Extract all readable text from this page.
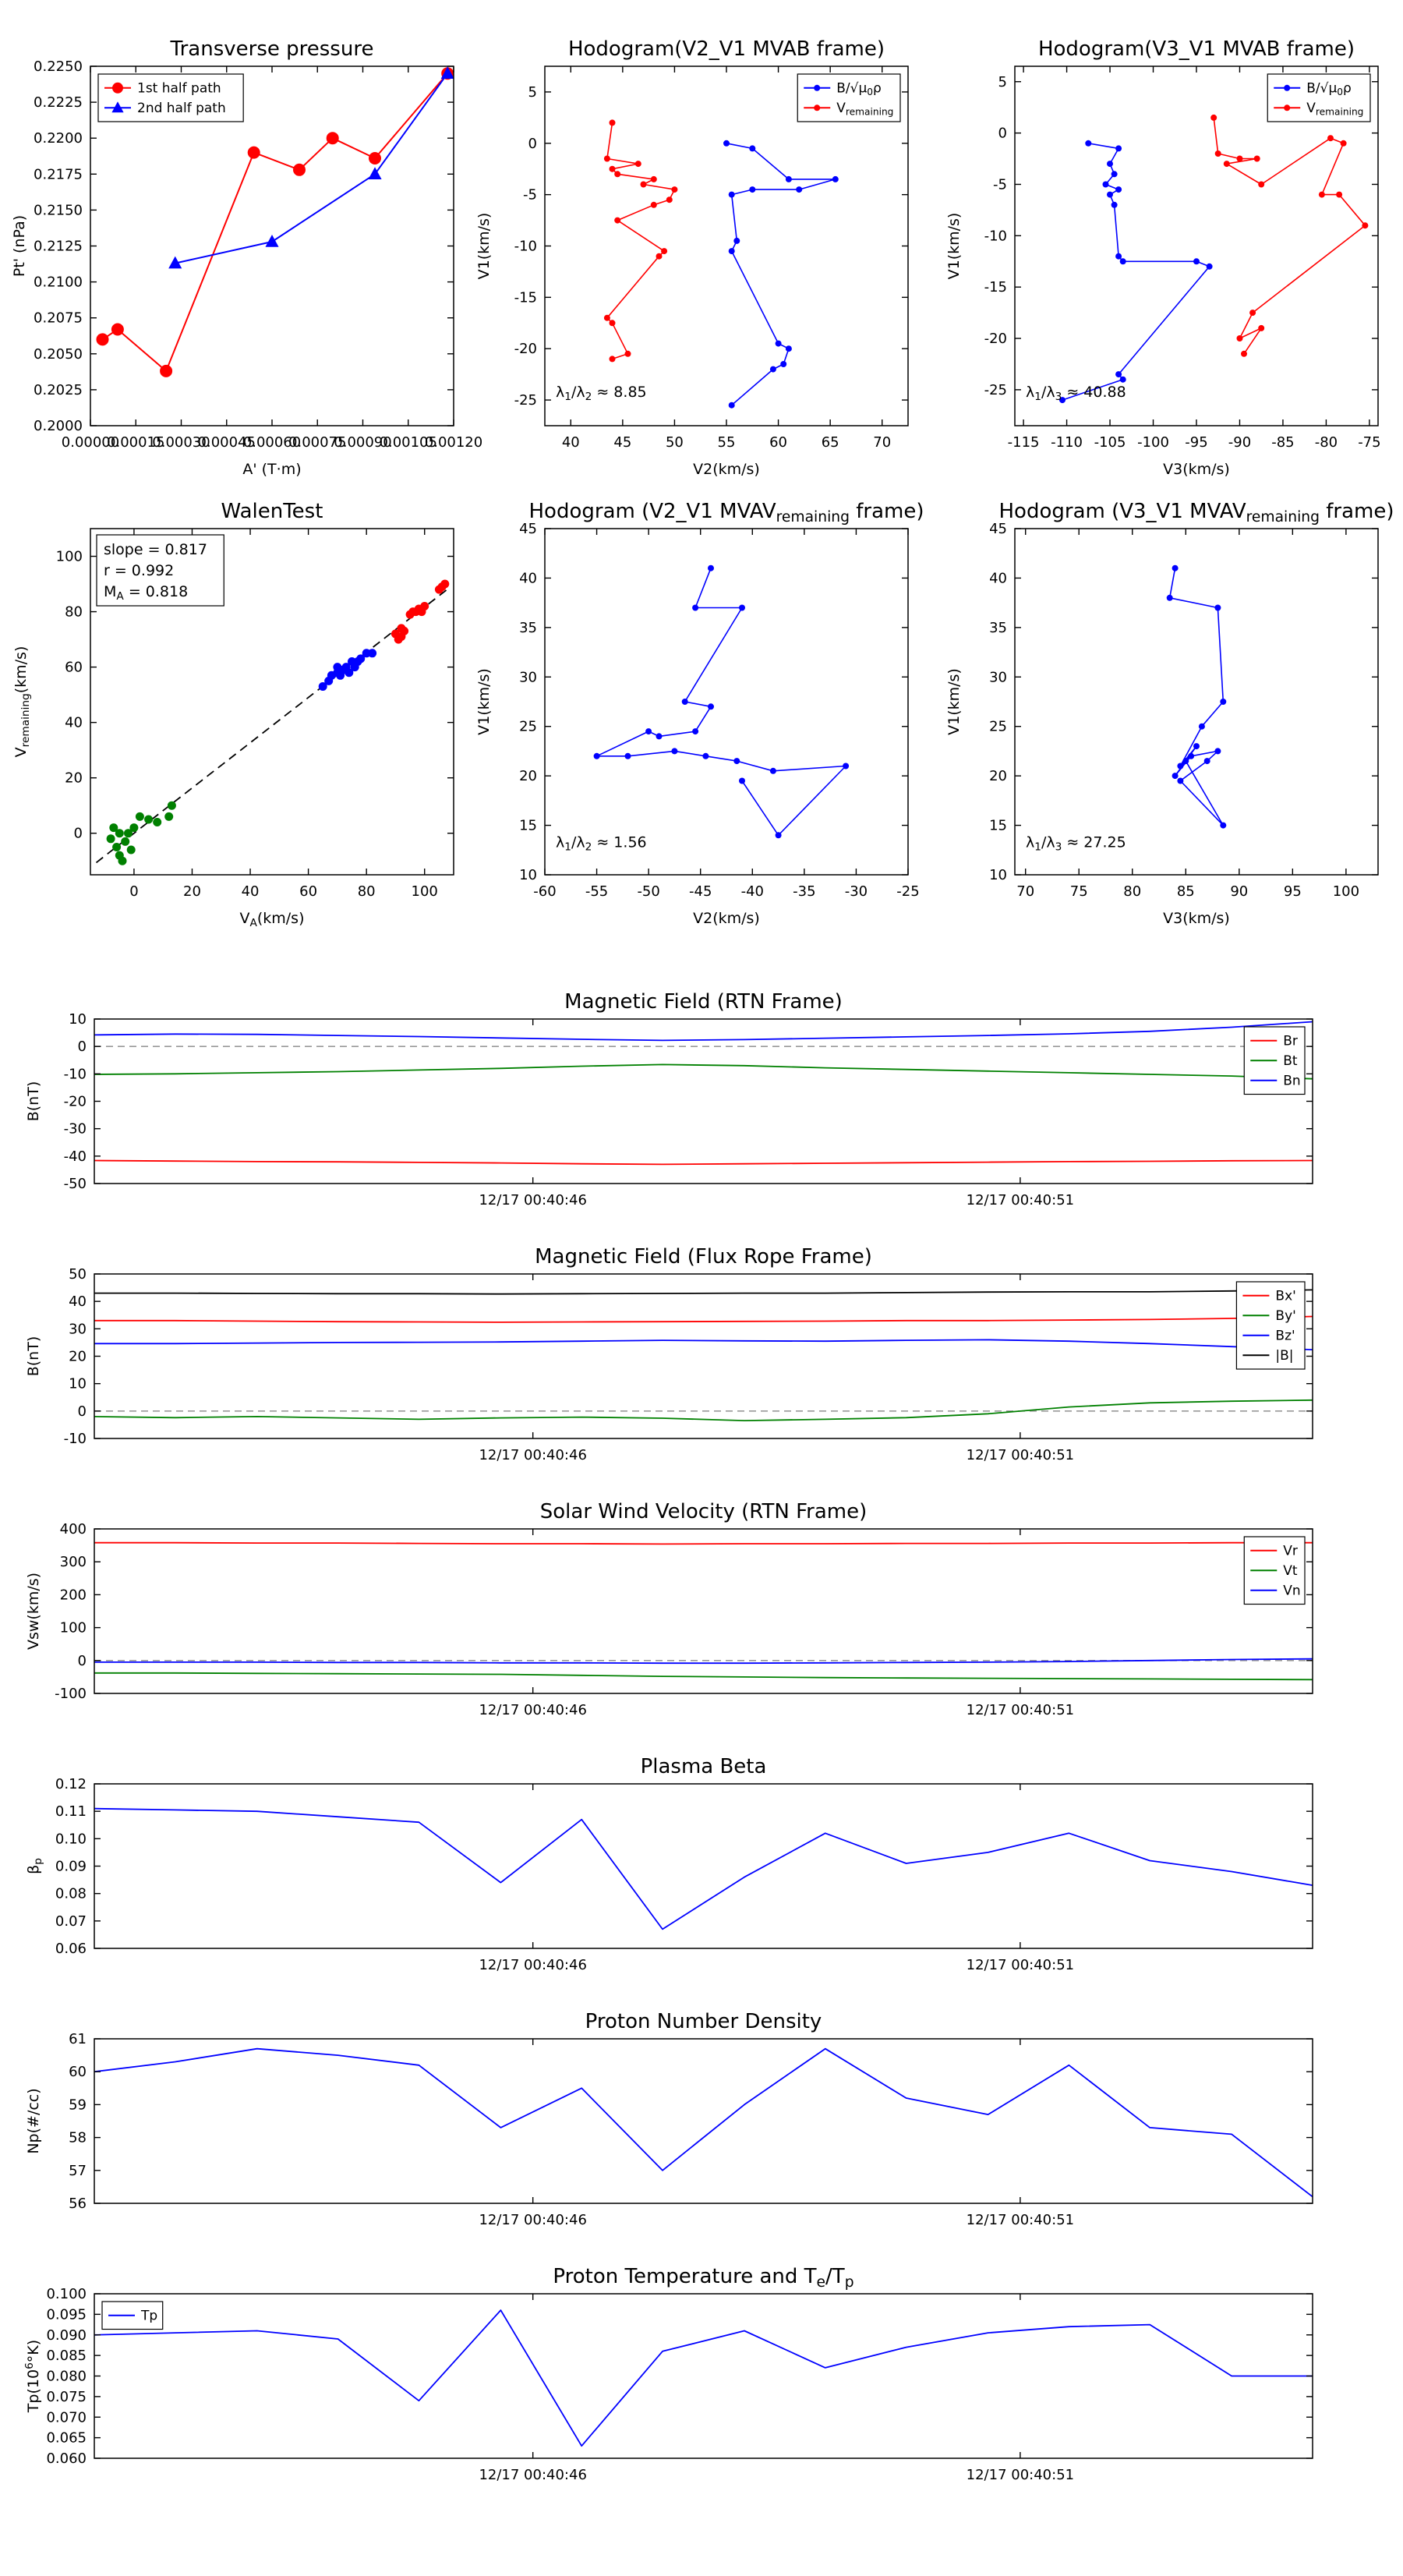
0.00000
0.00015
0.00030
0.00045
0.00060
0.00075
0.00090
0.00105
0.00120
0.2000
0.2025
0.2050
0.2075
0.2100
0.2125
0.2150
0.2175
0.2200
0.2225
0.2250
Transverse pressure
A' (T·m)
Pt' (nPa)
1st half path
2nd half path
40 45 50 55 60 65 70
5
0
-5
-10
-15
-20
-25
Hodogram(V2_V1 MVAB frame)
V2(km/s)
V1(km/s)
λ1/λ2 ≈ 8.85
B/√μ0ρ
Vremaining
-115 -110 -105 -100 -95 -90 -85 -80 -75
5
0
-5
-10
-15
-20
-25
Hodogram(V3_V1 MVAB frame)
V3(km/s)
V1(km/s)
λ1/λ3 ≈ 40.88
B/√μ0ρ
Vremaining
0	20	40	60	80	100
0
20
40
60
80
100
WalenTest
VA(km/s)
Vremaining(km/s)
slope = 0.817
r = 0.992
MA = 0.818
-60 -55 -50 -45 -40 -35 -30 -25
10
15
20
25
30
35
40
45
Hodogram (V2_V1 $MVAV_{remaining}$ frame)
V2(km/s)
V1(km/s)
λ1/λ2 ≈ 1.56
70	75	80	85	90	95 100
10
15
20
25
30
35
40
45
Hodogram (V3_V1 $MVAV_{remaining}$ frame)
V3(km/s)
V1(km/s)
λ1/λ3 ≈ 27.25
12/17 00:40:46	12/17 00:40:51
-50
-40
-30
-20
-10
0
10
Magnetic Field (RTN Frame)
B(nT)
Br
Bt
Bn
12/17 00:40:46	12/17 00:40:51
-10
0
10
20
30
40
50
Magnetic Field (Flux Rope Frame)
B(nT)
Bx'
By'
Bz'
|B|
12/17 00:40:46	12/17 00:40:51
-100
0
100
200
300
400
Solar Wind Velocity (RTN Frame)
Vsw(km/s)
Vr
Vt
Vn
12/17 00:40:46	12/17 00:40:51
0.06
0.07
0.08
0.09
0.10
0.11
0.12
Plasma Beta
βp
12/17 00:40:46	12/17 00:40:51
56
57
58
59
60
61
Proton Number Density
Np(#/cc)
12/17 00:40:46	12/17 00:40:51
0.060
0.065
0.070
0.075
0.080
0.085
0.090
0.095
0.100
Proton Temperature and $T_e/T_p$
$Tp(10^6^\circ K)$
Tp
